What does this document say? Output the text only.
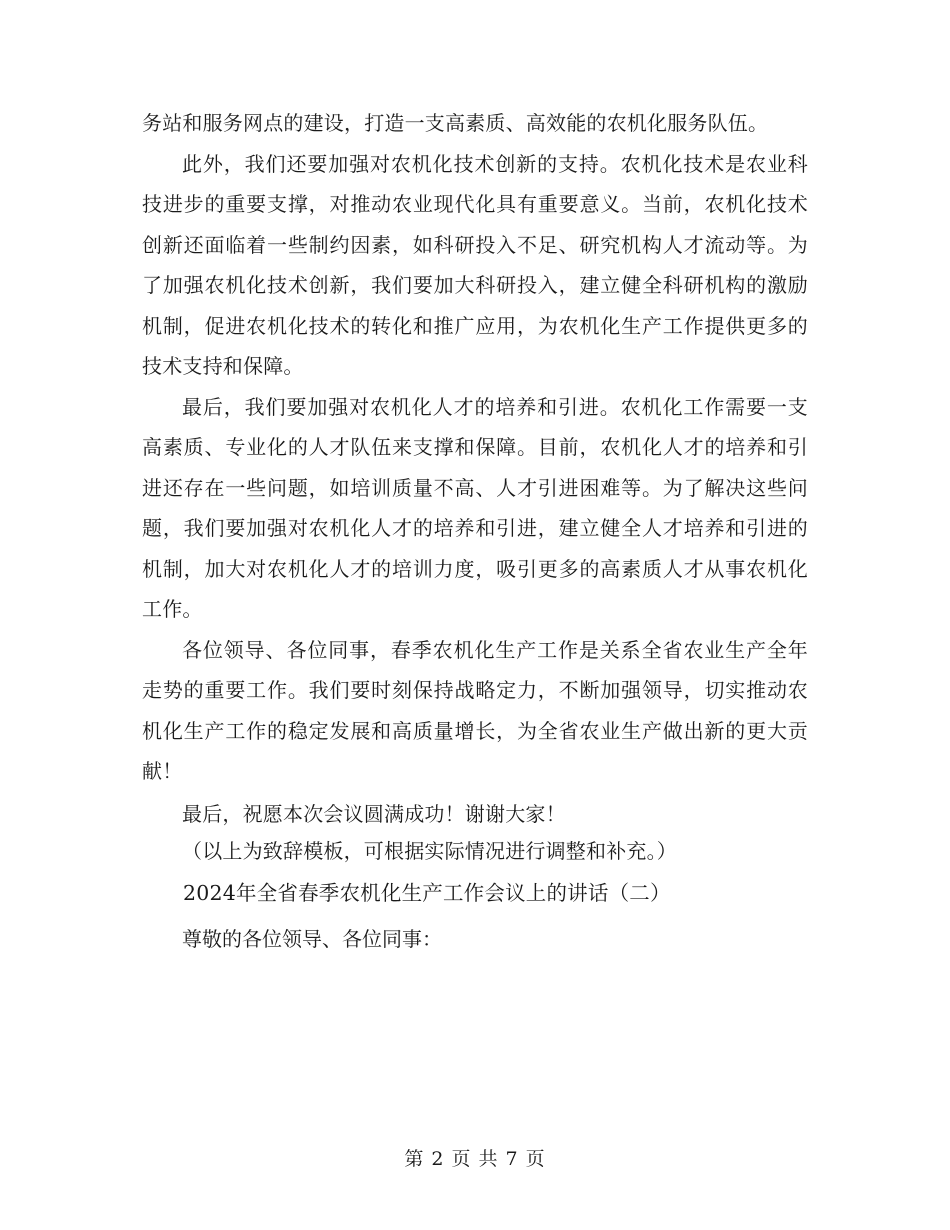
务站和服务网点的建设，打造一支高素质、高效能的农机化服务队伍。

此外，我们还要加强对农机化技术创新的支持。农机化技术是农业科技进步的重要支撑，对推动农业现代化具有重要意义。当前，农机化技术创新还面临着一些制约因素，如科研投入不足、研究机构人才流动等。为了加强农机化技术创新，我们要加大科研投入，建立健全科研机构的激励机制，促进农机化技术的转化和推广应用，为农机化生产工作提供更多的技术支持和保障。

最后，我们要加强对农机化人才的培养和引进。农机化工作需要一支高素质、专业化的人才队伍来支撑和保障。目前，农机化人才的培养和引进还存在一些问题，如培训质量不高、人才引进困难等。为了解决这些问题，我们要加强对农机化人才的培养和引进，建立健全人才培养和引进的机制，加大对农机化人才的培训力度，吸引更多的高素质人才从事农机化工作。

各位领导、各位同事，春季农机化生产工作是关系全省农业生产全年走势的重要工作。我们要时刻保持战略定力，不断加强领导，切实推动农机化生产工作的稳定发展和高质量增长，为全省农业生产做出新的更大贡献！

最后，祝愿本次会议圆满成功！谢谢大家！

（以上为致辞模板，可根据实际情况进行调整和补充。）

2024年全省春季农机化生产工作会议上的讲话（二）

尊敬的各位领导、各位同事：

第 2 页 共 7 页
